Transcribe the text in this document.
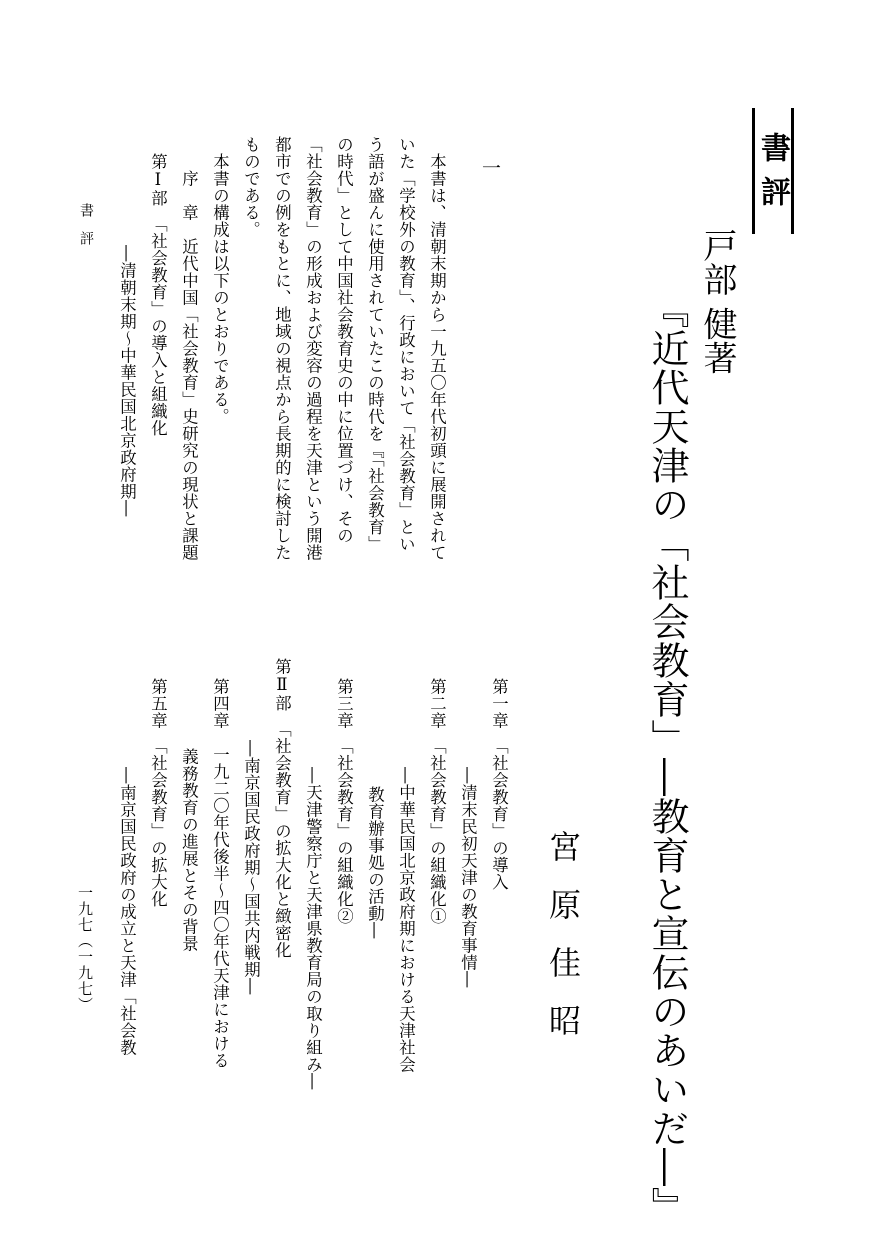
書評

戸部 健著

『近代天津の「社会教育」―教育と宣伝のあいだ―』

宮原佳昭

第一章　「社会教育」の導入

―清末民初天津の教育事情―

第二章　「社会教育」の組織化①

―中華民国北京政府期における天津社会

教育辦事処の活動―

第三章　「社会教育」の組織化②

―天津警察庁と天津県教育局の取り組み―

第Ⅱ部　「社会教育」の拡大化と緻密化

―南京国民政府期～国共内戦期―

第四章　一九二〇年代後半～四〇年代天津における

義務教育の進展とその背景

第五章　「社会教育」の拡大化

―南京国民政府の成立と天津「社会教

一

本書は、清朝末期から一九五〇年代初頭に展開されて

いた「学校外の教育」、行政において「社会教育」とい

う語が盛んに使用されていたこの時代を『「社会教育」

の時代」として中国社会教育史の中に位置づけ、その

「社会教育」の形成および変容の過程を天津という開港

都市での例をもとに、地域の視点から長期的に検討した

ものである。

本書の構成は以下のとおりである。

序　章　近代中国「社会教育」史研究の現状と課題

第Ⅰ部　「社会教育」の導入と組織化

―清朝末期～中華民国北京政府期―

書評

一九七（一九七）
